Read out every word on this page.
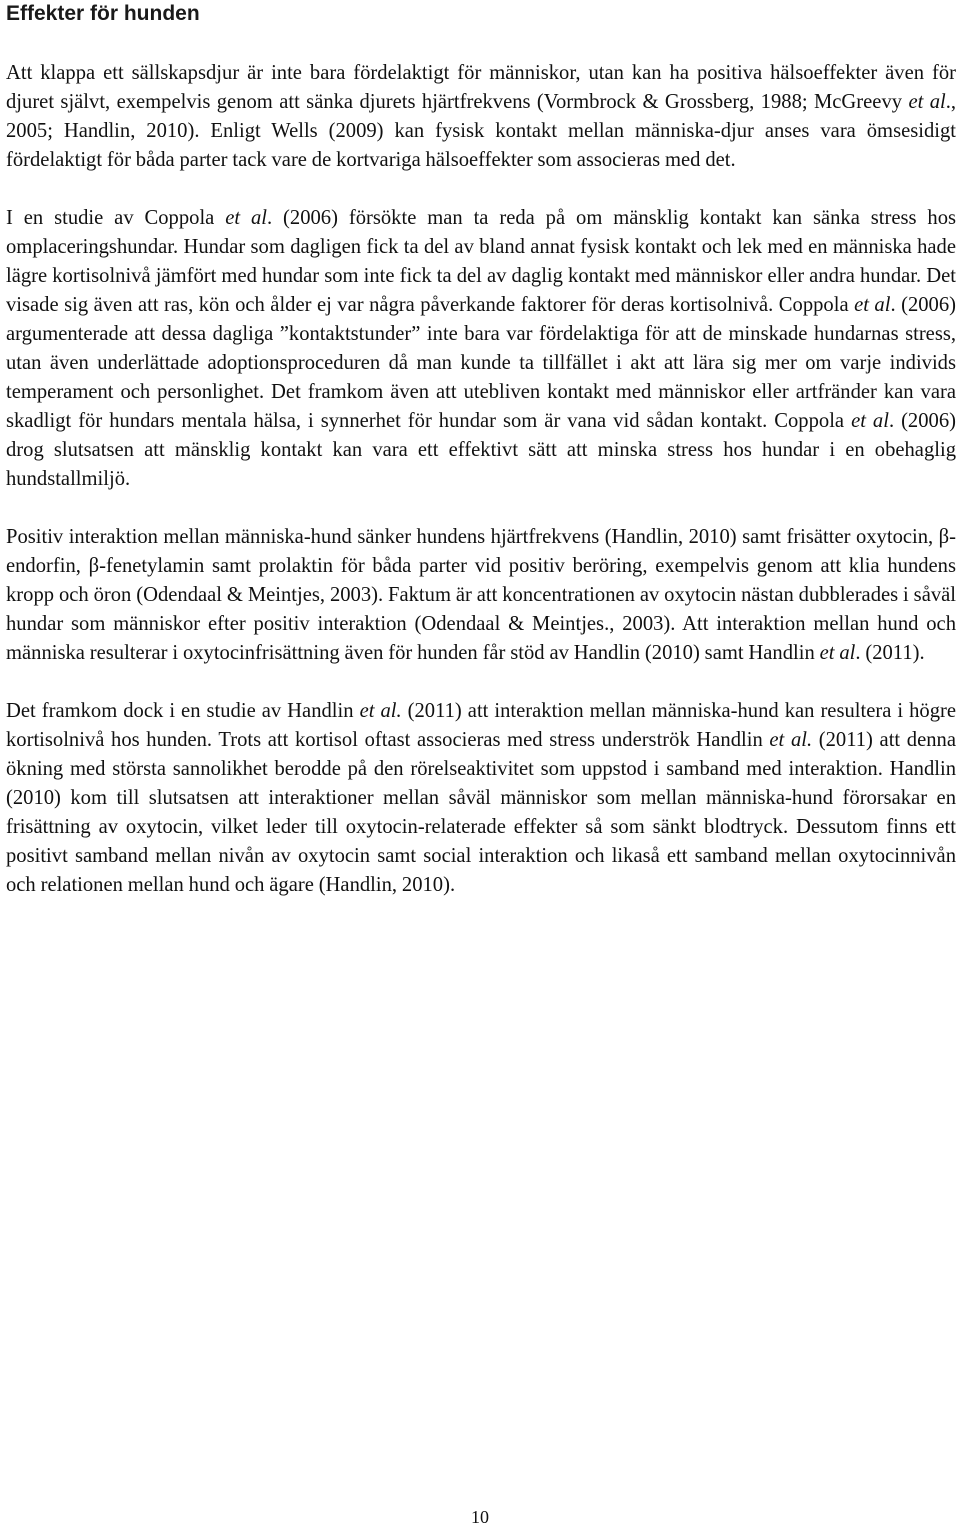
Effekter för hunden

Att klappa ett sällskapsdjur är inte bara fördelaktigt för människor, utan kan ha positiva hälsoeffekter även för djuret självt, exempelvis genom att sänka djurets hjärtfrekvens (Vormbrock & Grossberg, 1988; McGreevy et al., 2005; Handlin, 2010). Enligt Wells (2009) kan fysisk kontakt mellan människa-djur anses vara ömsesidigt fördelaktigt för båda parter tack vare de kortvariga hälsoeffekter som associeras med det.

I en studie av Coppola et al. (2006) försökte man ta reda på om mänsklig kontakt kan sänka stress hos omplaceringshundar. Hundar som dagligen fick ta del av bland annat fysisk kontakt och lek med en människa hade lägre kortisolnivå jämfört med hundar som inte fick ta del av daglig kontakt med människor eller andra hundar. Det visade sig även att ras, kön och ålder ej var några påverkande faktorer för deras kortisolnivå. Coppola et al. (2006) argumenterade att dessa dagliga ”kontaktstunder” inte bara var fördelaktiga för att de minskade hundarnas stress, utan även underlättade adoptionsproceduren då man kunde ta tillfället i akt att lära sig mer om varje individs temperament och personlighet. Det framkom även att utebliven kontakt med människor eller artfränder kan vara skadligt för hundars mentala hälsa, i synnerhet för hundar som är vana vid sådan kontakt. Coppola et al. (2006) drog slutsatsen att mänsklig kontakt kan vara ett effektivt sätt att minska stress hos hundar i en obehaglig hundstallmiljö.

Positiv interaktion mellan människa-hund sänker hundens hjärtfrekvens (Handlin, 2010) samt frisätter oxytocin, β-endorfin, β-fenetylamin samt prolaktin för båda parter vid positiv beröring, exempelvis genom att klia hundens kropp och öron (Odendaal & Meintjes, 2003). Faktum är att koncentrationen av oxytocin nästan dubblerades i såväl hundar som människor efter positiv interaktion (Odendaal & Meintjes., 2003). Att interaktion mellan hund och människa resulterar i oxytocinfrisättning även för hunden får stöd av Handlin (2010) samt Handlin et al. (2011).

Det framkom dock i en studie av Handlin et al. (2011) att interaktion mellan människa-hund kan resultera i högre kortisolnivå hos hunden. Trots att kortisol oftast associeras med stress underströk Handlin et al. (2011) att denna ökning med största sannolikhet berodde på den rörelseaktivitet som uppstod i samband med interaktion. Handlin (2010) kom till slutsatsen att interaktioner mellan såväl människor som mellan människa-hund förorsakar en frisättning av oxytocin, vilket leder till oxytocin-relaterade effekter så som sänkt blodtryck. Dessutom finns ett positivt samband mellan nivån av oxytocin samt social interaktion och likaså ett samband mellan oxytocinnivån och relationen mellan hund och ägare (Handlin, 2010).

10
